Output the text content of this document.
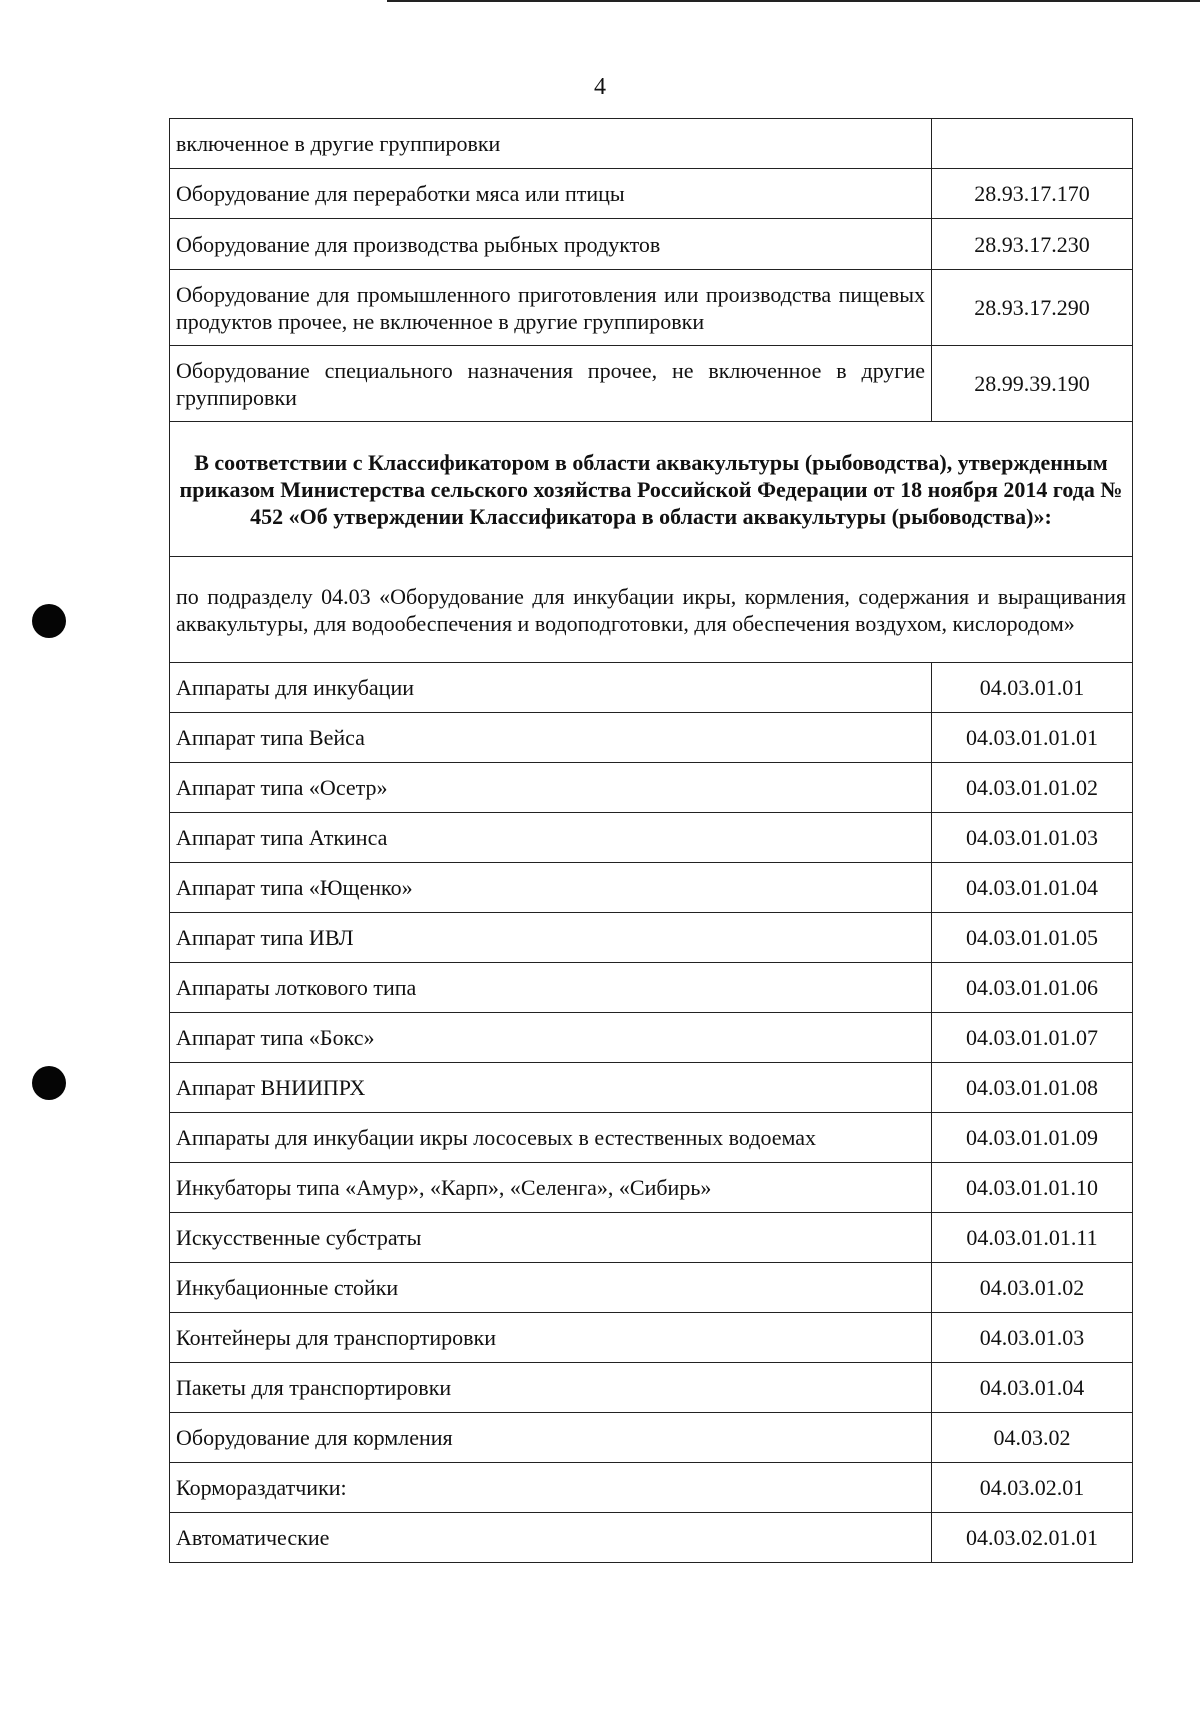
4
включенное в другие группировки	
Оборудование для переработки мяса или птицы	28.93.17.170
Оборудование для производства рыбных продуктов	28.93.17.230
Оборудование для промышленного приготовления или производства пищевых продуктов прочее, не включенное в другие группировки	28.93.17.290
Оборудование специального назначения прочее, не включенное в другие группировки	28.99.39.190
В соответствии с Классификатором в области аквакультуры (рыбоводства), утвержденным приказом Министерства сельского хозяйства Российской Федерации от 18 ноября 2014 года № 452 «Об утверждении Классификатора в области аквакультуры (рыбоводства)»:	
по подразделу 04.03 «Оборудование для инкубации икры, кормления, содержания и выращивания аквакультуры, для водообеспечения и водоподготовки, для обеспечения воздухом, кислородом»	
Аппараты для инкубации	04.03.01.01
Аппарат типа Вейса	04.03.01.01.01
Аппарат типа «Осетр»	04.03.01.01.02
Аппарат типа Аткинса	04.03.01.01.03
Аппарат типа «Ющенко»	04.03.01.01.04
Аппарат типа ИВЛ	04.03.01.01.05
Аппараты лоткового типа	04.03.01.01.06
Аппарат типа «Бокс»	04.03.01.01.07
Аппарат ВНИИПРХ	04.03.01.01.08
Аппараты для инкубации икры лососевых в естественных водоемах	04.03.01.01.09
Инкубаторы типа «Амур», «Карп», «Селенга», «Сибирь»	04.03.01.01.10
Искусственные субстраты	04.03.01.01.11
Инкубационные стойки	04.03.01.02
Контейнеры для транспортировки	04.03.01.03
Пакеты для транспортировки	04.03.01.04
Оборудование для кормления	04.03.02
Кормораздатчики:	04.03.02.01
Автоматические	04.03.02.01.01
